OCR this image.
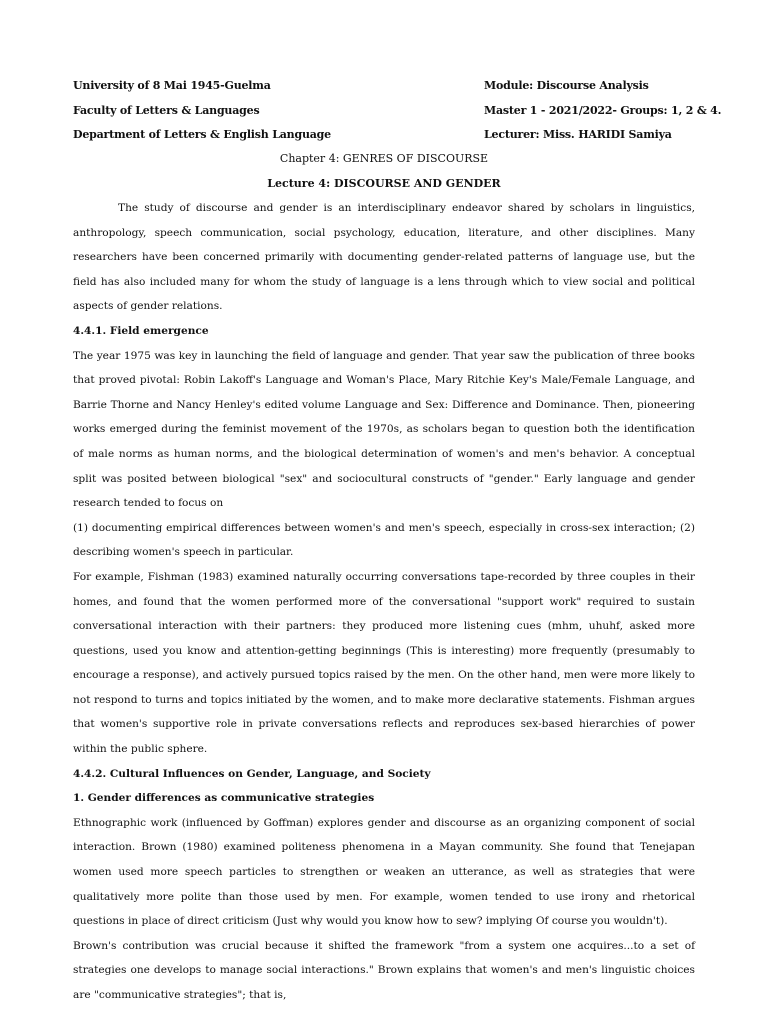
University of 8 Mai 1945-Guelma
Faculty of Letters & Languages
Department of Letters & English Language
Module: Discourse Analysis
Master 1 - 2021/2022- Groups: 1, 2 & 4.
Lecturer: Miss. HARIDI Samiya
Chapter 4: GENRES OF DISCOURSE
Lecture 4: DISCOURSE AND GENDER

The study of discourse and gender is an interdisciplinary endeavor shared by scholars in linguistics, anthropology, speech communication, social psychology, education, literature, and other disciplines. Many researchers have been concerned primarily with documenting gender-related patterns of language use, but the field has also included many for whom the study of language is a lens through which to view social and political aspects of gender relations.

4.4.1. Field emergence

The year 1975 was key in launching the field of language and gender. That year saw the publication of three books that proved pivotal: Robin Lakoff's Language and Woman's Place, Mary Ritchie Key's Male/Female Language, and Barrie Thorne and Nancy Henley's edited volume Language and Sex: Difference and Dominance. Then, pioneering works emerged during the feminist movement of the 1970s, as scholars began to question both the identification of male norms as human norms, and the biological determination of women's and men's behavior. A conceptual split was posited between biological "sex" and sociocultural constructs of "gender." Early language and gender research tended to focus on

(1) documenting empirical differences between women's and men's speech, especially in cross-sex interaction; (2) describing women's speech in particular.

For example, Fishman (1983) examined naturally occurring conversations tape-recorded by three couples in their homes, and found that the women performed more of the conversational "support work" required to sustain conversational interaction with their partners: they produced more listening cues (mhm, uhuhf, asked more questions, used you know and attention-getting beginnings (This is interesting) more frequently (presumably to encourage a response), and actively pursued topics raised by the men. On the other hand, men were more likely to not respond to turns and topics initiated by the women, and to make more declarative statements. Fishman argues that women's supportive role in private conversations reflects and reproduces sex-based hierarchies of power within the public sphere.

4.4.2. Cultural Influences on Gender, Language, and Society

1. Gender differences as communicative strategies

Ethnographic work (influenced by Goffman) explores gender and discourse as an organizing component of social interaction. Brown (1980) examined politeness phenomena in a Mayan community. She found that Tenejapan women used more speech particles to strengthen or weaken an utterance, as well as strategies that were qualitatively more polite than those used by men. For example, women tended to use irony and rhetorical questions in place of direct criticism (Just why would you know how to sew? implying Of course you wouldn't).

Brown's contribution was crucial because it shifted the framework "from a system one acquires...to a set of strategies one develops to manage social interactions." Brown explains that women's and men's linguistic choices are "communicative strategies"; that is,
